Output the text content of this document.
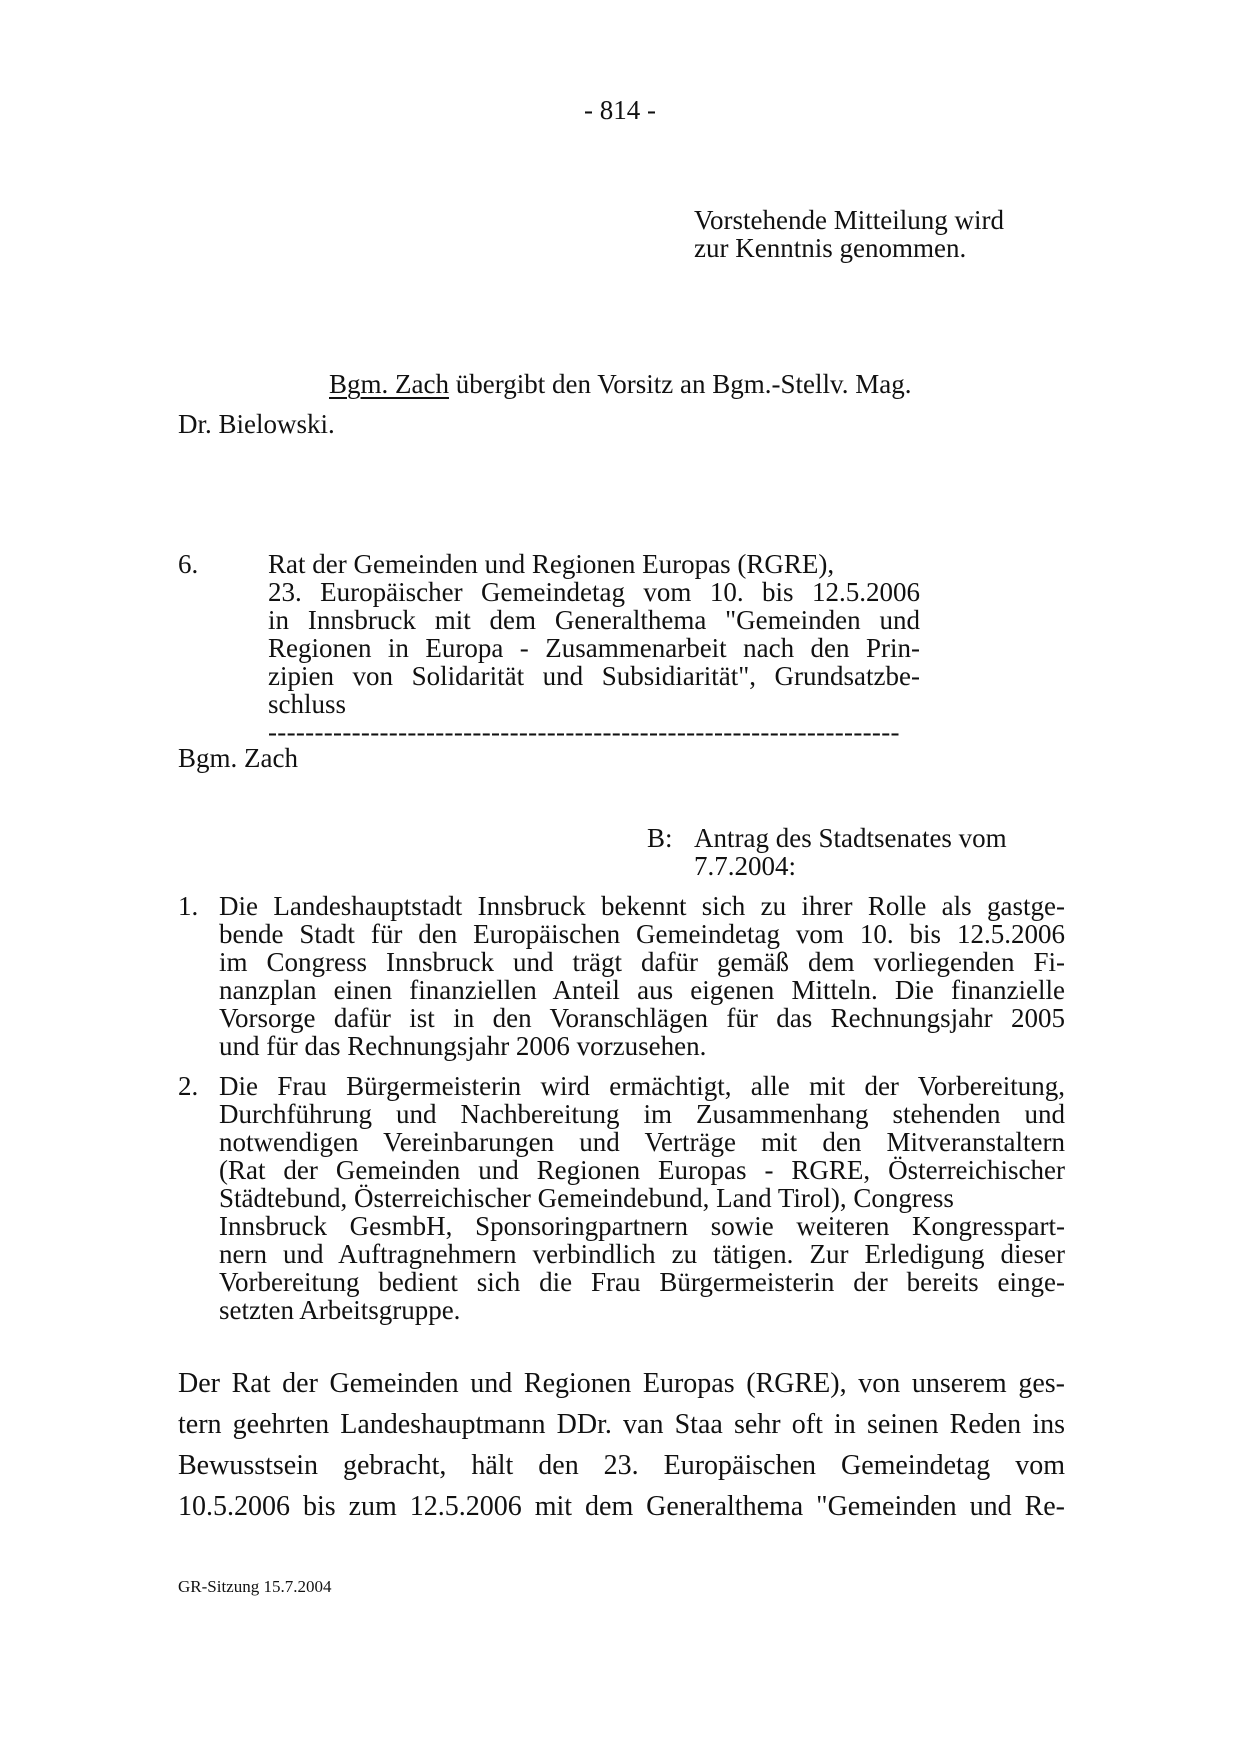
- 814 -
Vorstehende Mitteilung wird
zur Kenntnis genommen.
Bgm. Zach übergibt den Vorsitz an Bgm.-Stellv. Mag.
Dr. Bielowski.
6.	Rat der Gemeinden und Regionen Europas (RGRE),
23. Europäischer Gemeindetag vom 10. bis 12.5.2006
in Innsbruck mit dem Generalthema "Gemeinden und
Regionen in Europa - Zusammenarbeit nach den Prin-
zipien von Solidarität und Subsidiarität", Grundsatzbe-
schluss
--------------------------------------------------------------------
Bgm. Zach
B: Antrag des Stadtsenates vom
7.7.2004:
1. Die Landeshauptstadt Innsbruck bekennt sich zu ihrer Rolle als gastge-
bende Stadt für den Europäischen Gemeindetag vom 10. bis 12.5.2006
im Congress Innsbruck und trägt dafür gemäß dem vorliegenden Fi-
nanzplan einen finanziellen Anteil aus eigenen Mitteln. Die finanzielle
Vorsorge dafür ist in den Voranschlägen für das Rechnungsjahr 2005
und für das Rechnungsjahr 2006 vorzusehen.
2. Die Frau Bürgermeisterin wird ermächtigt, alle mit der Vorbereitung,
Durchführung und Nachbereitung im Zusammenhang stehenden und
notwendigen Vereinbarungen und Verträge mit den Mitveranstaltern
(Rat der Gemeinden und Regionen Europas - RGRE, Österreichischer
Städtebund, Österreichischer Gemeindebund, Land Tirol), Congress
Innsbruck GesmbH, Sponsoringpartnern sowie weiteren Kongresspart-
nern und Auftragnehmern verbindlich zu tätigen. Zur Erledigung dieser
Vorbereitung bedient sich die Frau Bürgermeisterin der bereits einge-
setzten Arbeitsgruppe.
Der Rat der Gemeinden und Regionen Europas (RGRE), von unserem ges-
tern geehrten Landeshauptmann DDr. van Staa sehr oft in seinen Reden ins
Bewusstsein gebracht, hält den 23. Europäischen Gemeindetag vom
10.5.2006 bis zum 12.5.2006 mit dem Generalthema "Gemeinden und Re-
GR-Sitzung 15.7.2004
